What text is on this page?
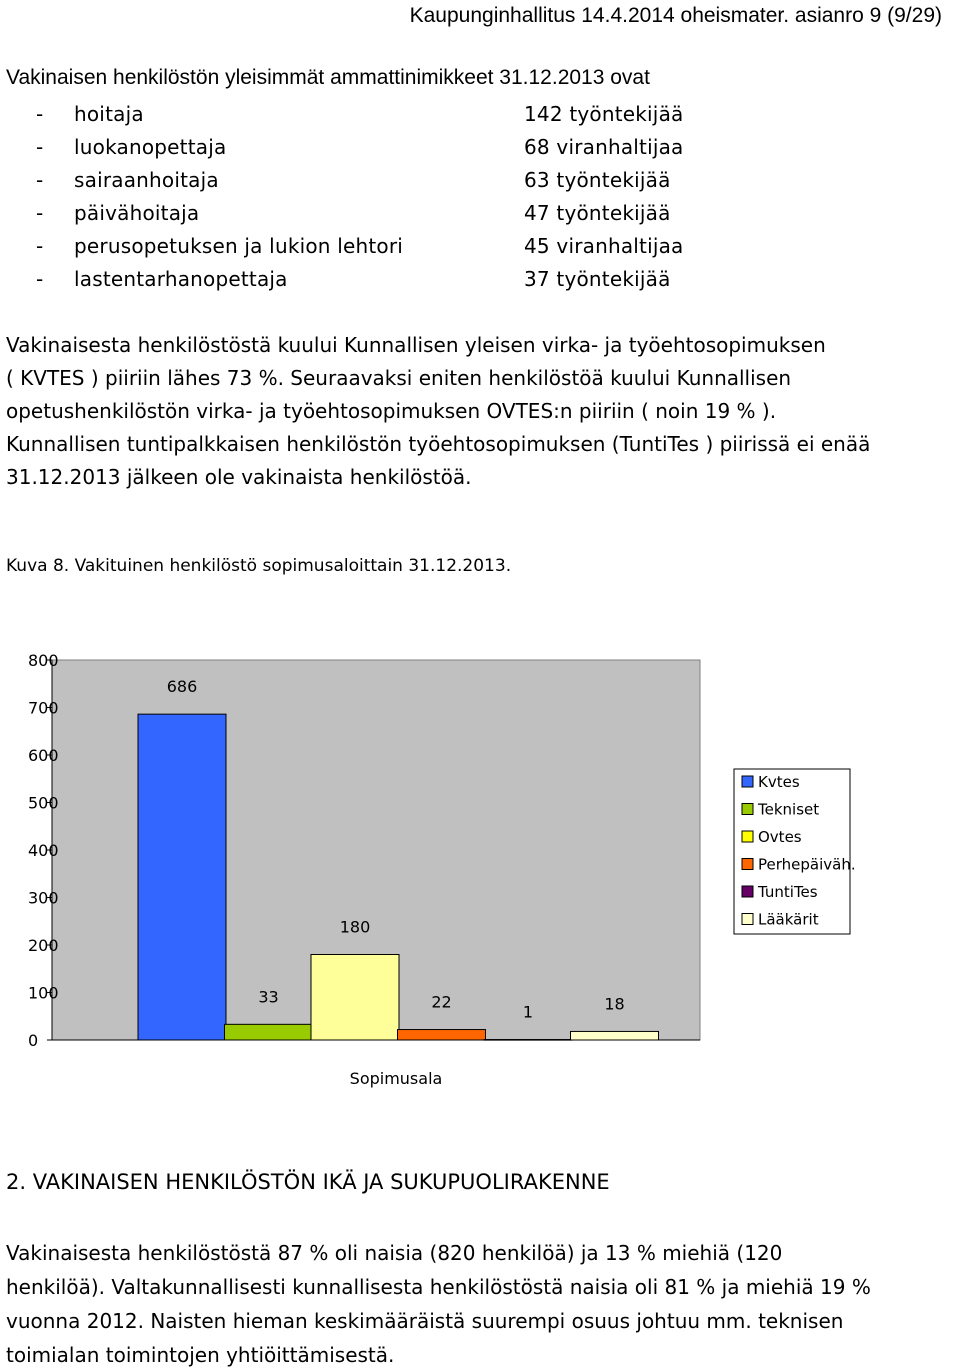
Kaupunginhallitus 14.4.2014 oheismater. asianro 9 (9/29)
Vakinaisen henkilöstön yleisimmät ammattinimikkeet 31.12.2013 ovat
- hoitaja	142 työntekijää
- luokanopettaja	68 viranhaltijaa
- sairaanhoitaja	63 työntekijää
- päivähoitaja	47 työntekijää
- perusopetuksen ja lukion lehtori	45 viranhaltijaa
- lastentarhanopettaja	37 työntekijää
Vakinaisesta henkilöstöstä kuului Kunnallisen yleisen virka- ja työehtosopimuksen
( KVTES ) piiriin lähes 73 %. Seuraavaksi eniten henkilöstöä kuului Kunnallisen
opetushenkilöstön virka- ja työehtosopimuksen OVTES:n piiriin ( noin 19 % ).
Kunnallisen tuntipalkkaisen henkilöstön työehtosopimuksen (TuntiTes ) piirissä ei enää
31.12.2013 jälkeen ole vakinaista henkilöstöä.
Kuva 8. Vakituinen henkilöstö sopimusaloittain 31.12.2013.
0
100
200
300
400
500
600
700
800
686
33
180
22
1	18
Sopimusala
Kvtes
Tekniset
Ovtes
Perhepäiväh.
TuntiTes
Lääkärit
2. VAKINAISEN HENKILÖSTÖN IKÄ JA SUKUPUOLIRAKENNE
Vakinaisesta henkilöstöstä 87 % oli naisia (820 henkilöä) ja 13 % miehiä (120
henkilöä). Valtakunnallisesti kunnallisesta henkilöstöstä naisia oli 81 % ja miehiä 19 %
vuonna 2012. Naisten hieman keskimääräistä suurempi osuus johtuu mm. teknisen
toimialan toimintojen yhtiöittämisestä.
